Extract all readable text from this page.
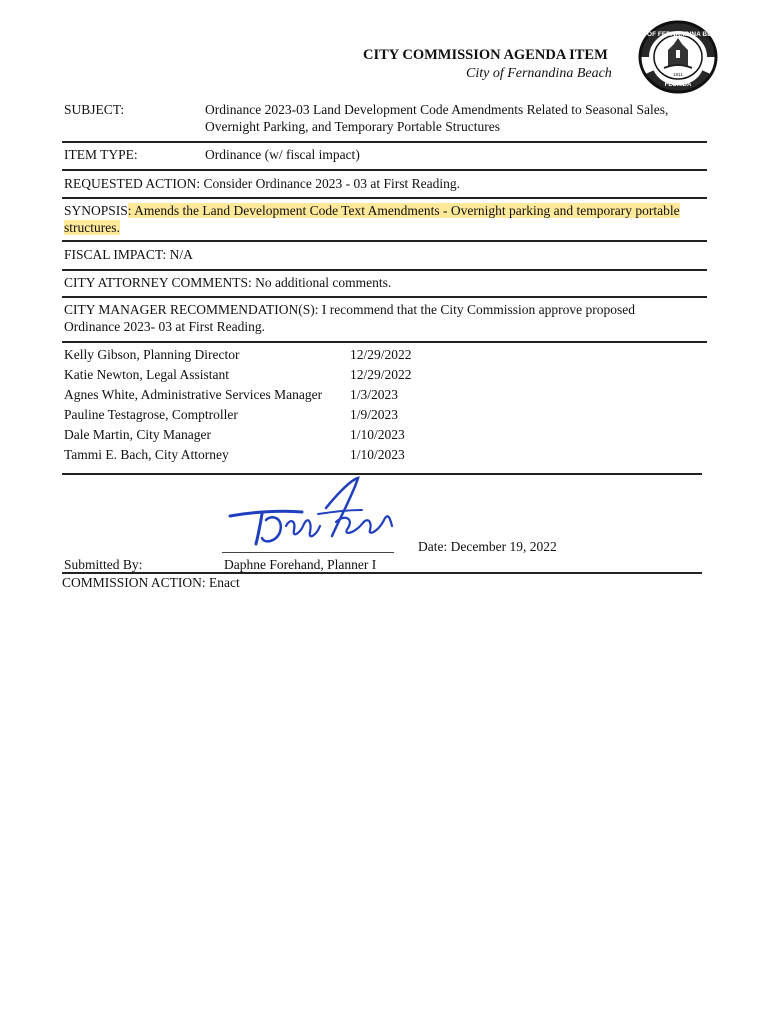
CITY COMMISSION AGENDA ITEM
City of Fernandina Beach
CITY OF FERNANDINA BEACH
FLORIDA
1811
SUBJECT:	Ordinance 2023-03 Land Development Code Amendments Related to Seasonal Sales,
Overnight Parking, and Temporary Portable Structures
ITEM TYPE:	Ordinance (w/ fiscal impact)
REQUESTED ACTION: Consider Ordinance 2023 - 03 at First Reading.
SYNOPSIS: Amends the Land Development Code Text Amendments - Overnight parking and temporary portable
structures.
FISCAL IMPACT: N/A
CITY ATTORNEY COMMENTS: No additional comments.
CITY MANAGER RECOMMENDATION(S): I recommend that the City Commission approve proposed
Ordinance 2023- 03 at First Reading.
Kelly Gibson, Planning Director	12/29/2022
Katie Newton, Legal Assistant	12/29/2022
Agnes White, Administrative Services Manager 1/3/2023
Pauline Testagrose, Comptroller	1/9/2023
Dale Martin, City Manager	1/10/2023
Tammi E. Bach, City Attorney	1/10/2023
Date: December 19, 2022
Submitted By:	Daphne Forehand, Planner I
COMMISSION ACTION: Enact
